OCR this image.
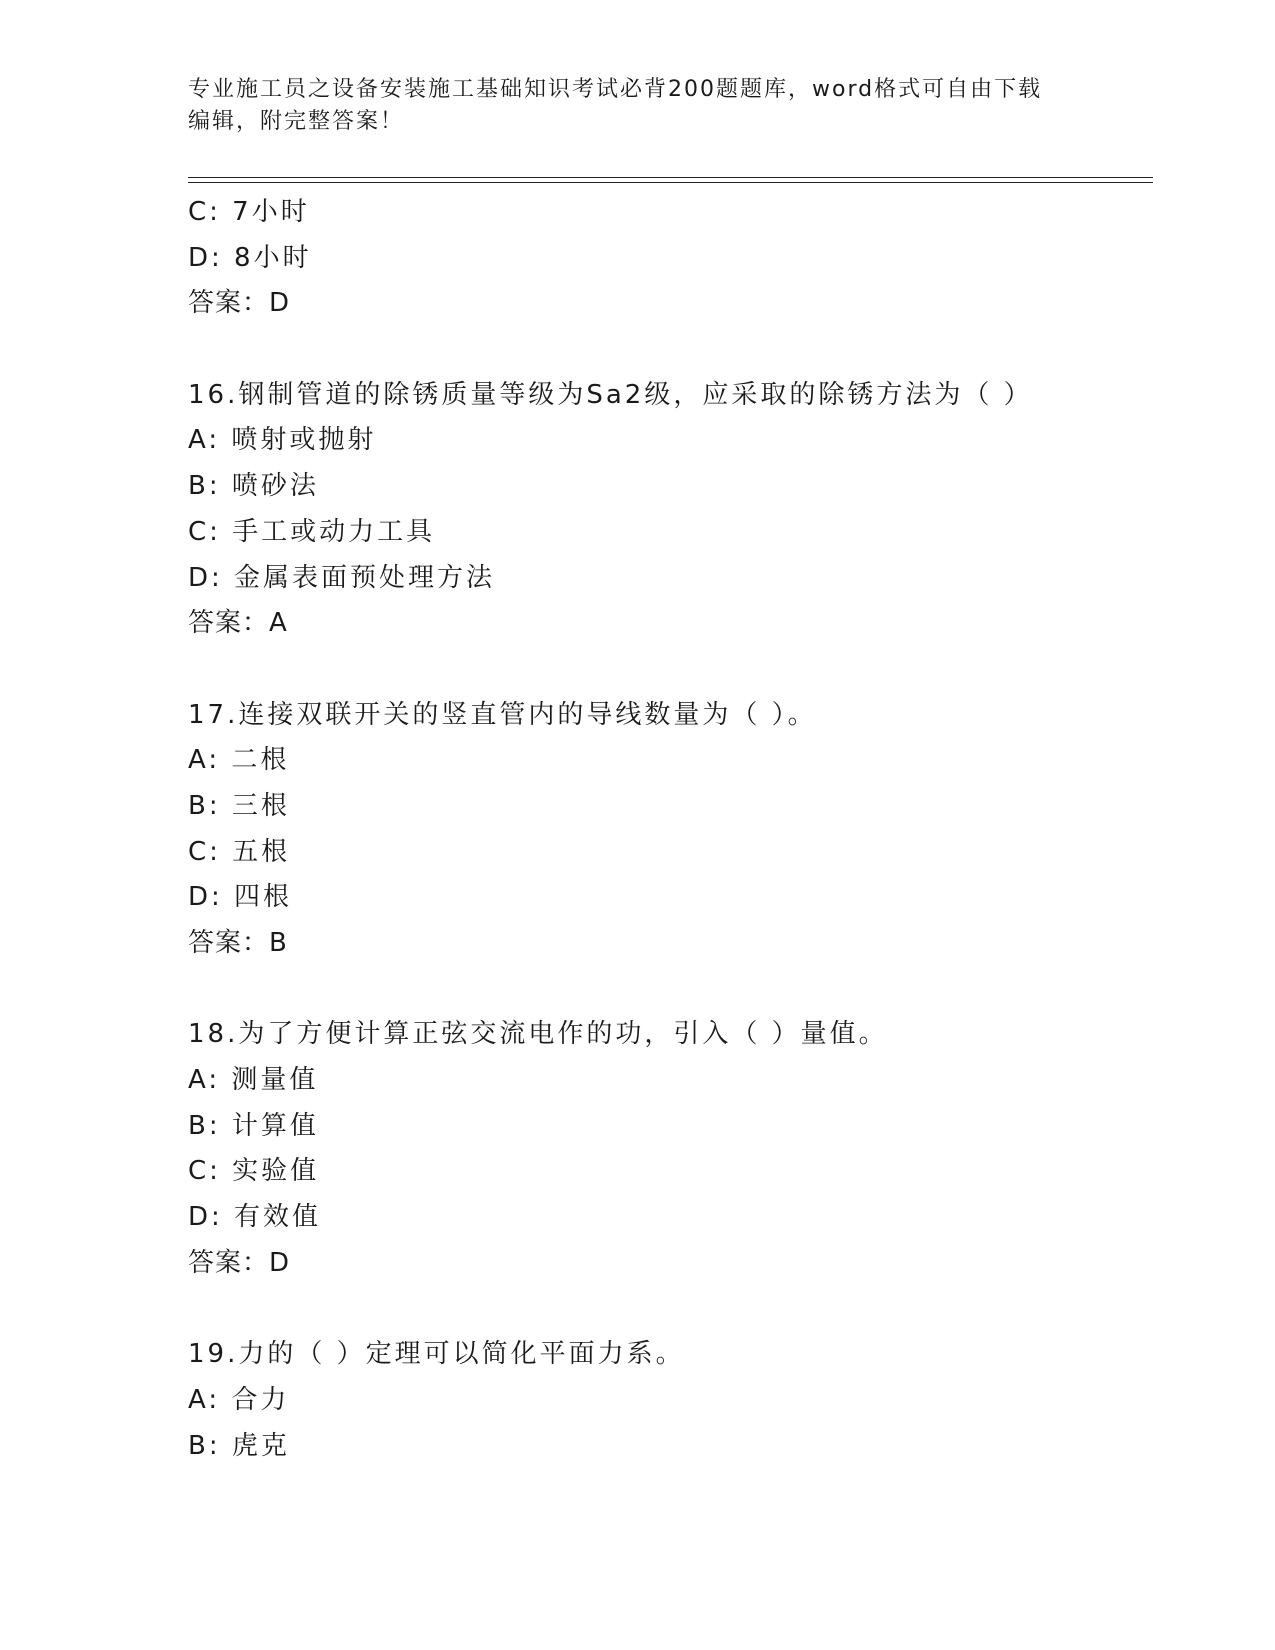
专业施工员之设备安装施工基础知识考试必背200题题库，word格式可自由下载
编辑，附完整答案！
C: 7小时
D: 8小时
答案：D
16.钢制管道的除锈质量等级为Sa2级，应采取的除锈方法为（ ）
A: 喷射或抛射
B: 喷砂法
C: 手工或动力工具
D: 金属表面预处理方法
答案：A
17.连接双联开关的竖直管内的导线数量为（ ）。
A: 二根
B: 三根
C: 五根
D: 四根
答案：B
18.为了方便计算正弦交流电作的功，引入（ ）量值。
A: 测量值
B: 计算值
C: 实验值
D: 有效值
答案：D
19.力的（ ）定理可以简化平面力系。
A: 合力
B: 虎克
